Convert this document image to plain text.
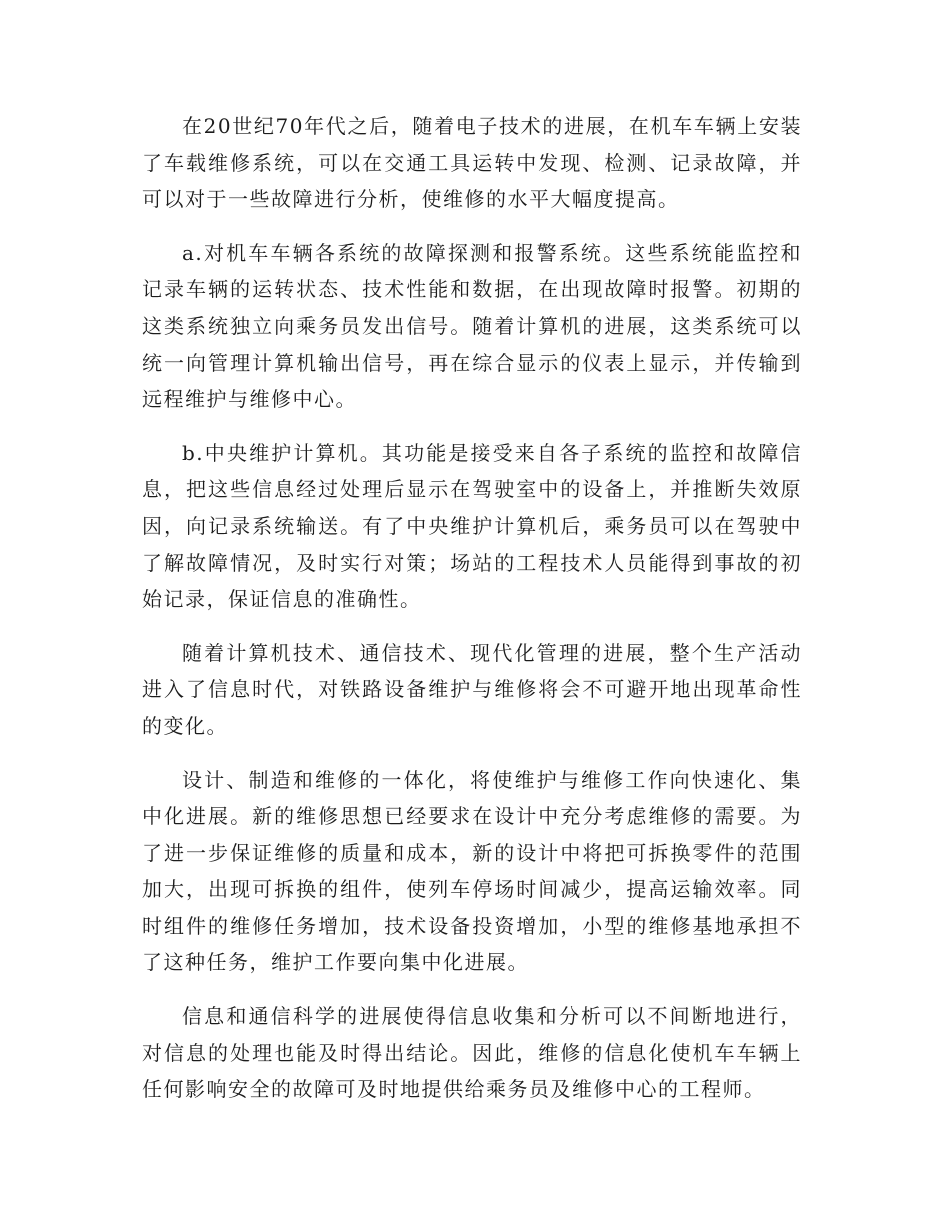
在20世纪70年代之后，随着电子技术的进展，在机车车辆上安装了车载维修系统，可以在交通工具运转中发现、检测、记录故障，并可以对于一些故障进行分析，使维修的水平大幅度提高。

a.对机车车辆各系统的故障探测和报警系统。这些系统能监控和记录车辆的运转状态、技术性能和数据，在出现故障时报警。初期的这类系统独立向乘务员发出信号。随着计算机的进展，这类系统可以统一向管理计算机输出信号，再在综合显示的仪表上显示，并传输到远程维护与维修中心。

b.中央维护计算机。其功能是接受来自各子系统的监控和故障信息，把这些信息经过处理后显示在驾驶室中的设备上，并推断失效原因，向记录系统输送。有了中央维护计算机后，乘务员可以在驾驶中了解故障情况，及时实行对策；场站的工程技术人员能得到事故的初始记录，保证信息的准确性。

随着计算机技术、通信技术、现代化管理的进展，整个生产活动进入了信息时代，对铁路设备维护与维修将会不可避开地出现革命性的变化。

设计、制造和维修的一体化，将使维护与维修工作向快速化、集中化进展。新的维修思想已经要求在设计中充分考虑维修的需要。为了进一步保证维修的质量和成本，新的设计中将把可拆换零件的范围加大，出现可拆换的组件，使列车停场时间减少，提高运输效率。同时组件的维修任务增加，技术设备投资增加，小型的维修基地承担不了这种任务，维护工作要向集中化进展。

信息和通信科学的进展使得信息收集和分析可以不间断地进行，对信息的处理也能及时得出结论。因此，维修的信息化使机车车辆上任何影响安全的故障可及时地提供给乘务员及维修中心的工程师。
